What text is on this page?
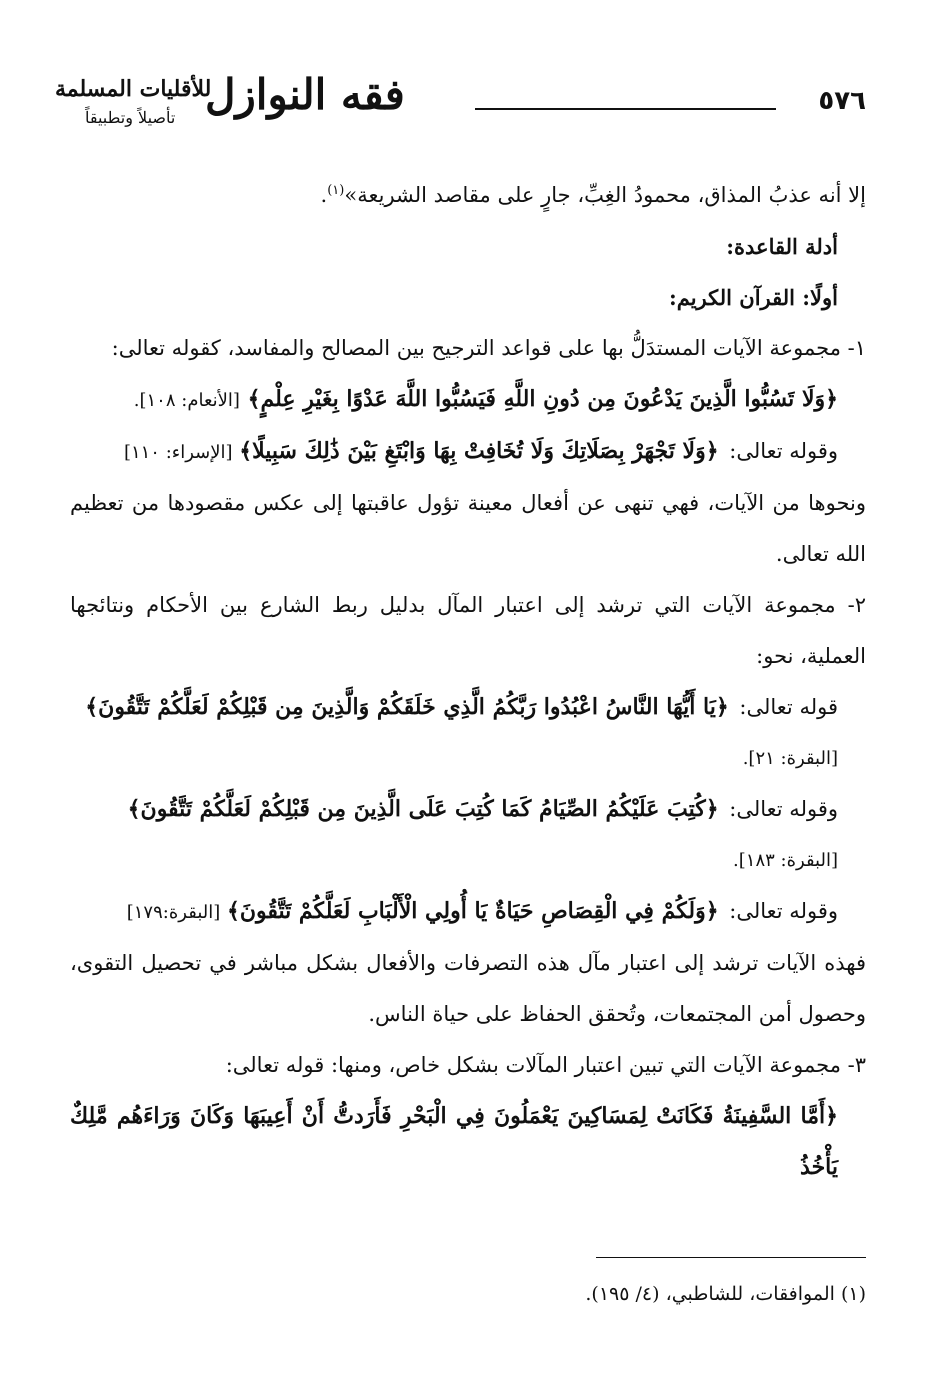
٥٧٦
فقه النوازل
للأقليات المسلمة
تأصيلاً وتطبيقاً

إلا أنه عذبُ المذاق، محمودُ الغِبِّ، جارٍ على مقاصد الشريعة»$^{(١)}$.

أدلة القاعدة:

أولًا: القرآن الكريم:

١- مجموعة الآيات المستدَلُّ بها على قواعد الترجيح بين المصالح والمفاسد، كقوله تعالى:

﴿وَلَا تَسُبُّوا الَّذِينَ يَدْعُونَ مِن دُونِ اللَّهِ فَيَسُبُّوا اللَّهَ عَدْوًا بِغَيْرِ عِلْمٍ﴾ [الأنعام: ١٠٨].

وقوله تعالى: ﴿وَلَا تَجْهَرْ بِصَلَاتِكَ وَلَا تُخَافِتْ بِهَا وَابْتَغِ بَيْنَ ذَٰلِكَ سَبِيلًا﴾ [الإسراء: ١١٠]

ونحوها من الآيات، فهي تنهى عن أفعال معينة تؤول عاقبتها إلى عكس مقصودها من تعظيم الله تعالى.

٢- مجموعة الآيات التي ترشد إلى اعتبار المآل بدليل ربط الشارع بين الأحكام ونتائجها العملية، نحو:

قوله تعالى: ﴿يَا أَيُّهَا النَّاسُ اعْبُدُوا رَبَّكُمُ الَّذِي خَلَقَكُمْ وَالَّذِينَ مِن قَبْلِكُمْ لَعَلَّكُمْ تَتَّقُونَ﴾

[البقرة: ٢١].

وقوله تعالى: ﴿كُتِبَ عَلَيْكُمُ الصِّيَامُ كَمَا كُتِبَ عَلَى الَّذِينَ مِن قَبْلِكُمْ لَعَلَّكُمْ تَتَّقُونَ﴾

[البقرة: ١٨٣].

وقوله تعالى: ﴿وَلَكُمْ فِي الْقِصَاصِ حَيَاةٌ يَا أُولِي الْأَلْبَابِ لَعَلَّكُمْ تَتَّقُونَ﴾ [البقرة:١٧٩]

فهذه الآيات ترشد إلى اعتبار مآل هذه التصرفات والأفعال بشكل مباشر في تحصيل التقوى، وحصول أمن المجتمعات، وتُحقق الحفاظ على حياة الناس.

٣- مجموعة الآيات التي تبين اعتبار المآلات بشكل خاص، ومنها: قوله تعالى:

﴿أَمَّا السَّفِينَةُ فَكَانَتْ لِمَسَاكِينَ يَعْمَلُونَ فِي الْبَحْرِ فَأَرَدتُّ أَنْ أَعِيبَهَا وَكَانَ وَرَاءَهُم مَّلِكٌ يَأْخُذُ

(١) الموافقات، للشاطبي، (٤/ ١٩٥).
